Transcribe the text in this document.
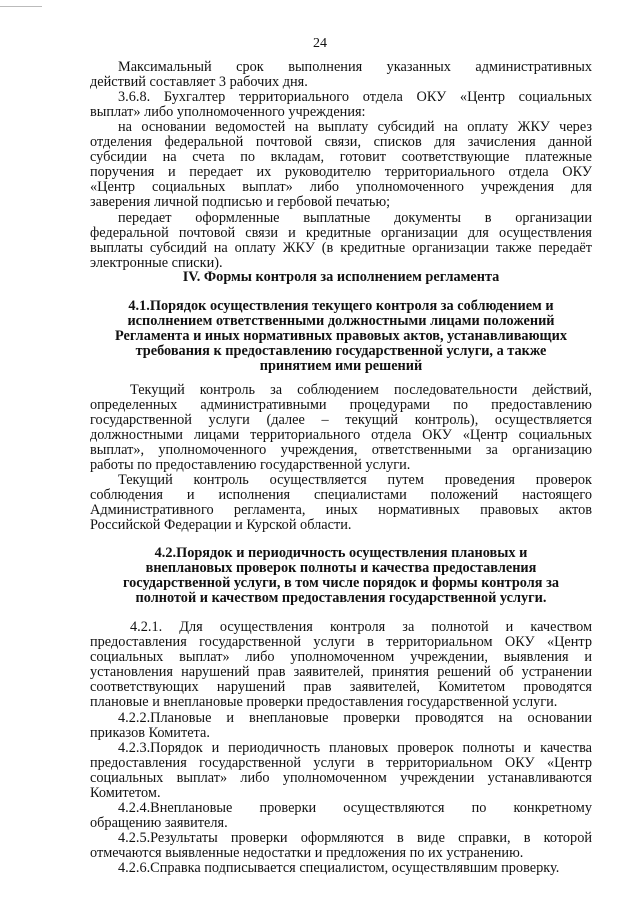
24
Максимальный срок выполнения указанных административных
действий составляет 3 рабочих дня.
3.6.8. Бухгалтер территориального отдела ОКУ «Центр социальных
выплат» либо уполномоченного учреждения:
на основании ведомостей на выплату субсидий на оплату ЖКУ через
отделения федеральной почтовой связи, списков для зачисления данной
субсидии на счета по вкладам, готовит соответствующие платежные
поручения и передает их руководителю территориального отдела ОКУ
«Центр социальных выплат» либо уполномоченного учреждения для
заверения личной подписью и гербовой печатью;
передает оформленные выплатные документы в организации
федеральной почтовой связи и кредитные организации для осуществления
выплаты субсидий на оплату ЖКУ (в кредитные организации также передаёт
электронные списки).
IV. Формы контроля за исполнением регламента
4.1.Порядок осуществления текущего контроля за соблюдением и
исполнением ответственными должностными лицами положений
Регламента и иных нормативных правовых актов, устанавливающих
требования к предоставлению государственной услуги, а также
принятием ими решений
Текущий контроль за соблюдением последовательности действий,
определенных административными процедурами по предоставлению
государственной услуги (далее – текущий контроль), осуществляется
должностными лицами территориального отдела ОКУ «Центр социальных
выплат», уполномоченного учреждения, ответственными за организацию
работы по предоставлению государственной услуги.
Текущий контроль осуществляется путем проведения проверок
соблюдения и исполнения специалистами положений настоящего
Административного регламента, иных нормативных правовых актов
Российской Федерации и Курской области.
4.2.Порядок и периодичность осуществления плановых и
внеплановых проверок полноты и качества предоставления
государственной услуги, в том числе порядок и формы контроля за
полнотой и качеством предоставления государственной услуги.
4.2.1. Для осуществления контроля за полнотой и качеством
предоставления государственной услуги в территориальном ОКУ «Центр
социальных выплат» либо уполномоченном учреждении, выявления и
установления нарушений прав заявителей, принятия решений об устранении
соответствующих нарушений прав заявителей, Комитетом проводятся
плановые и внеплановые проверки предоставления государственной услуги.
4.2.2.Плановые и внеплановые проверки проводятся на основании
приказов Комитета.
4.2.3.Порядок и периодичность плановых проверок полноты и качества
предоставления государственной услуги в территориальном ОКУ «Центр
социальных выплат» либо уполномоченном учреждении устанавливаются
Комитетом.
4.2.4.Внеплановые проверки осуществляются по конкретному
обращению заявителя.
4.2.5.Результаты проверки оформляются в виде справки, в которой
отмечаются выявленные недостатки и предложения по их устранению.
4.2.6.Справка подписывается специалистом, осуществлявшим проверку.
